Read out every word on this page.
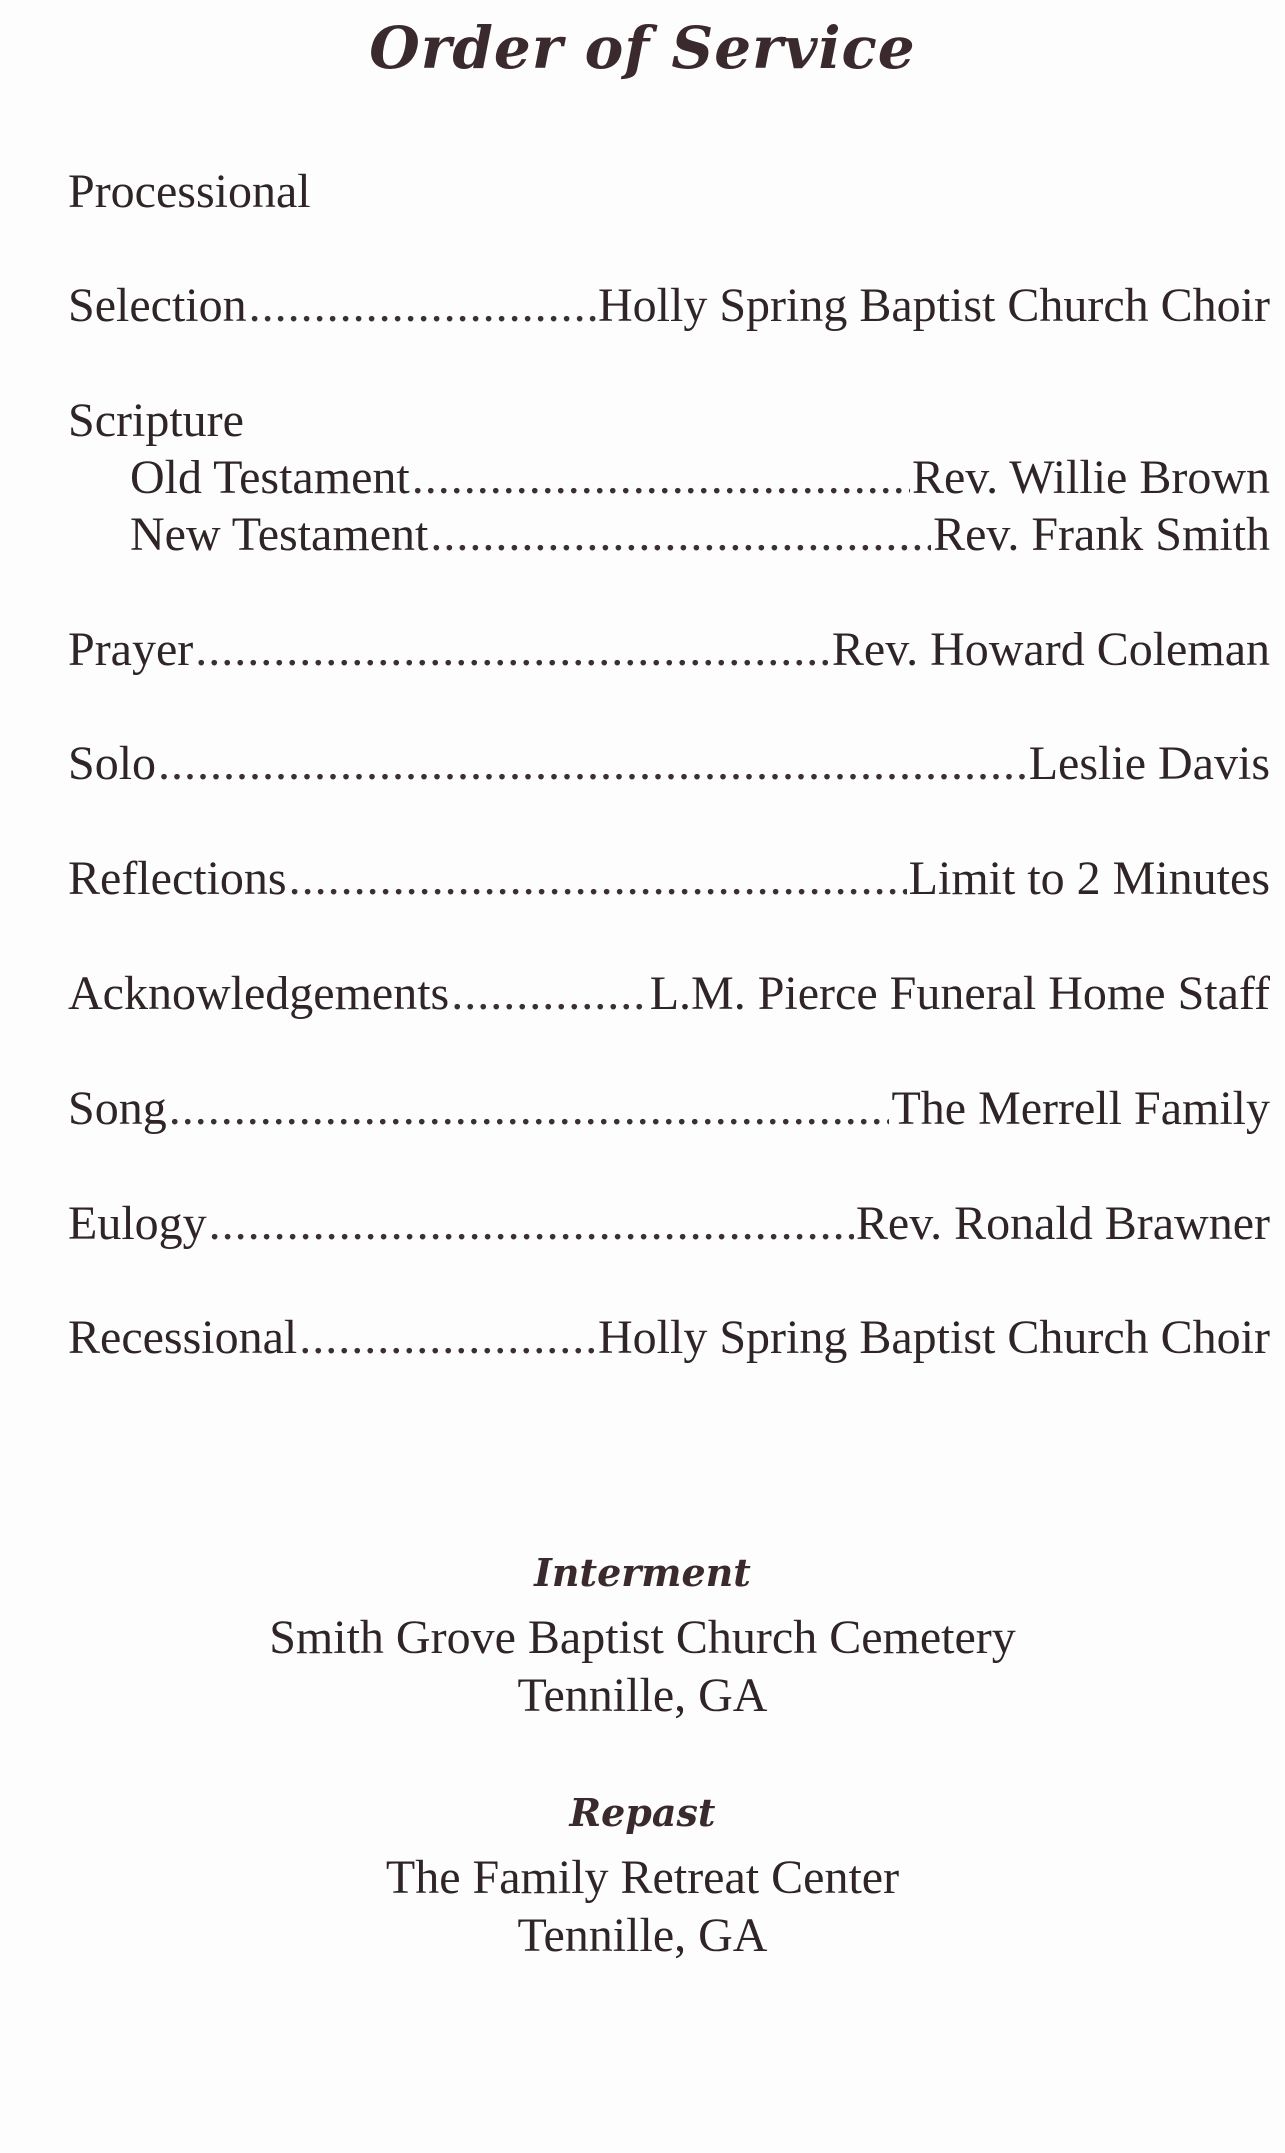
Order of Service
Processional
Selection .....	Holly Spring Baptist Church Choir
Scripture
Old Testament .....	Rev. Willie Brown
New Testament .....	Rev. Frank Smith
Prayer .....	Rev. Howard Coleman
Solo .....	Leslie Davis
Reflections .....	Limit to 2 Minutes
Acknowledgements .....	L.M. Pierce Funeral Home Staff
Song .....	The Merrell Family
Eulogy .....	Rev. Ronald Brawner
Recessional .....	Holly Spring Baptist Church Choir
Interment
Smith Grove Baptist Church Cemetery
Tennille, GA
Repast
The Family Retreat Center
Tennille, GA
